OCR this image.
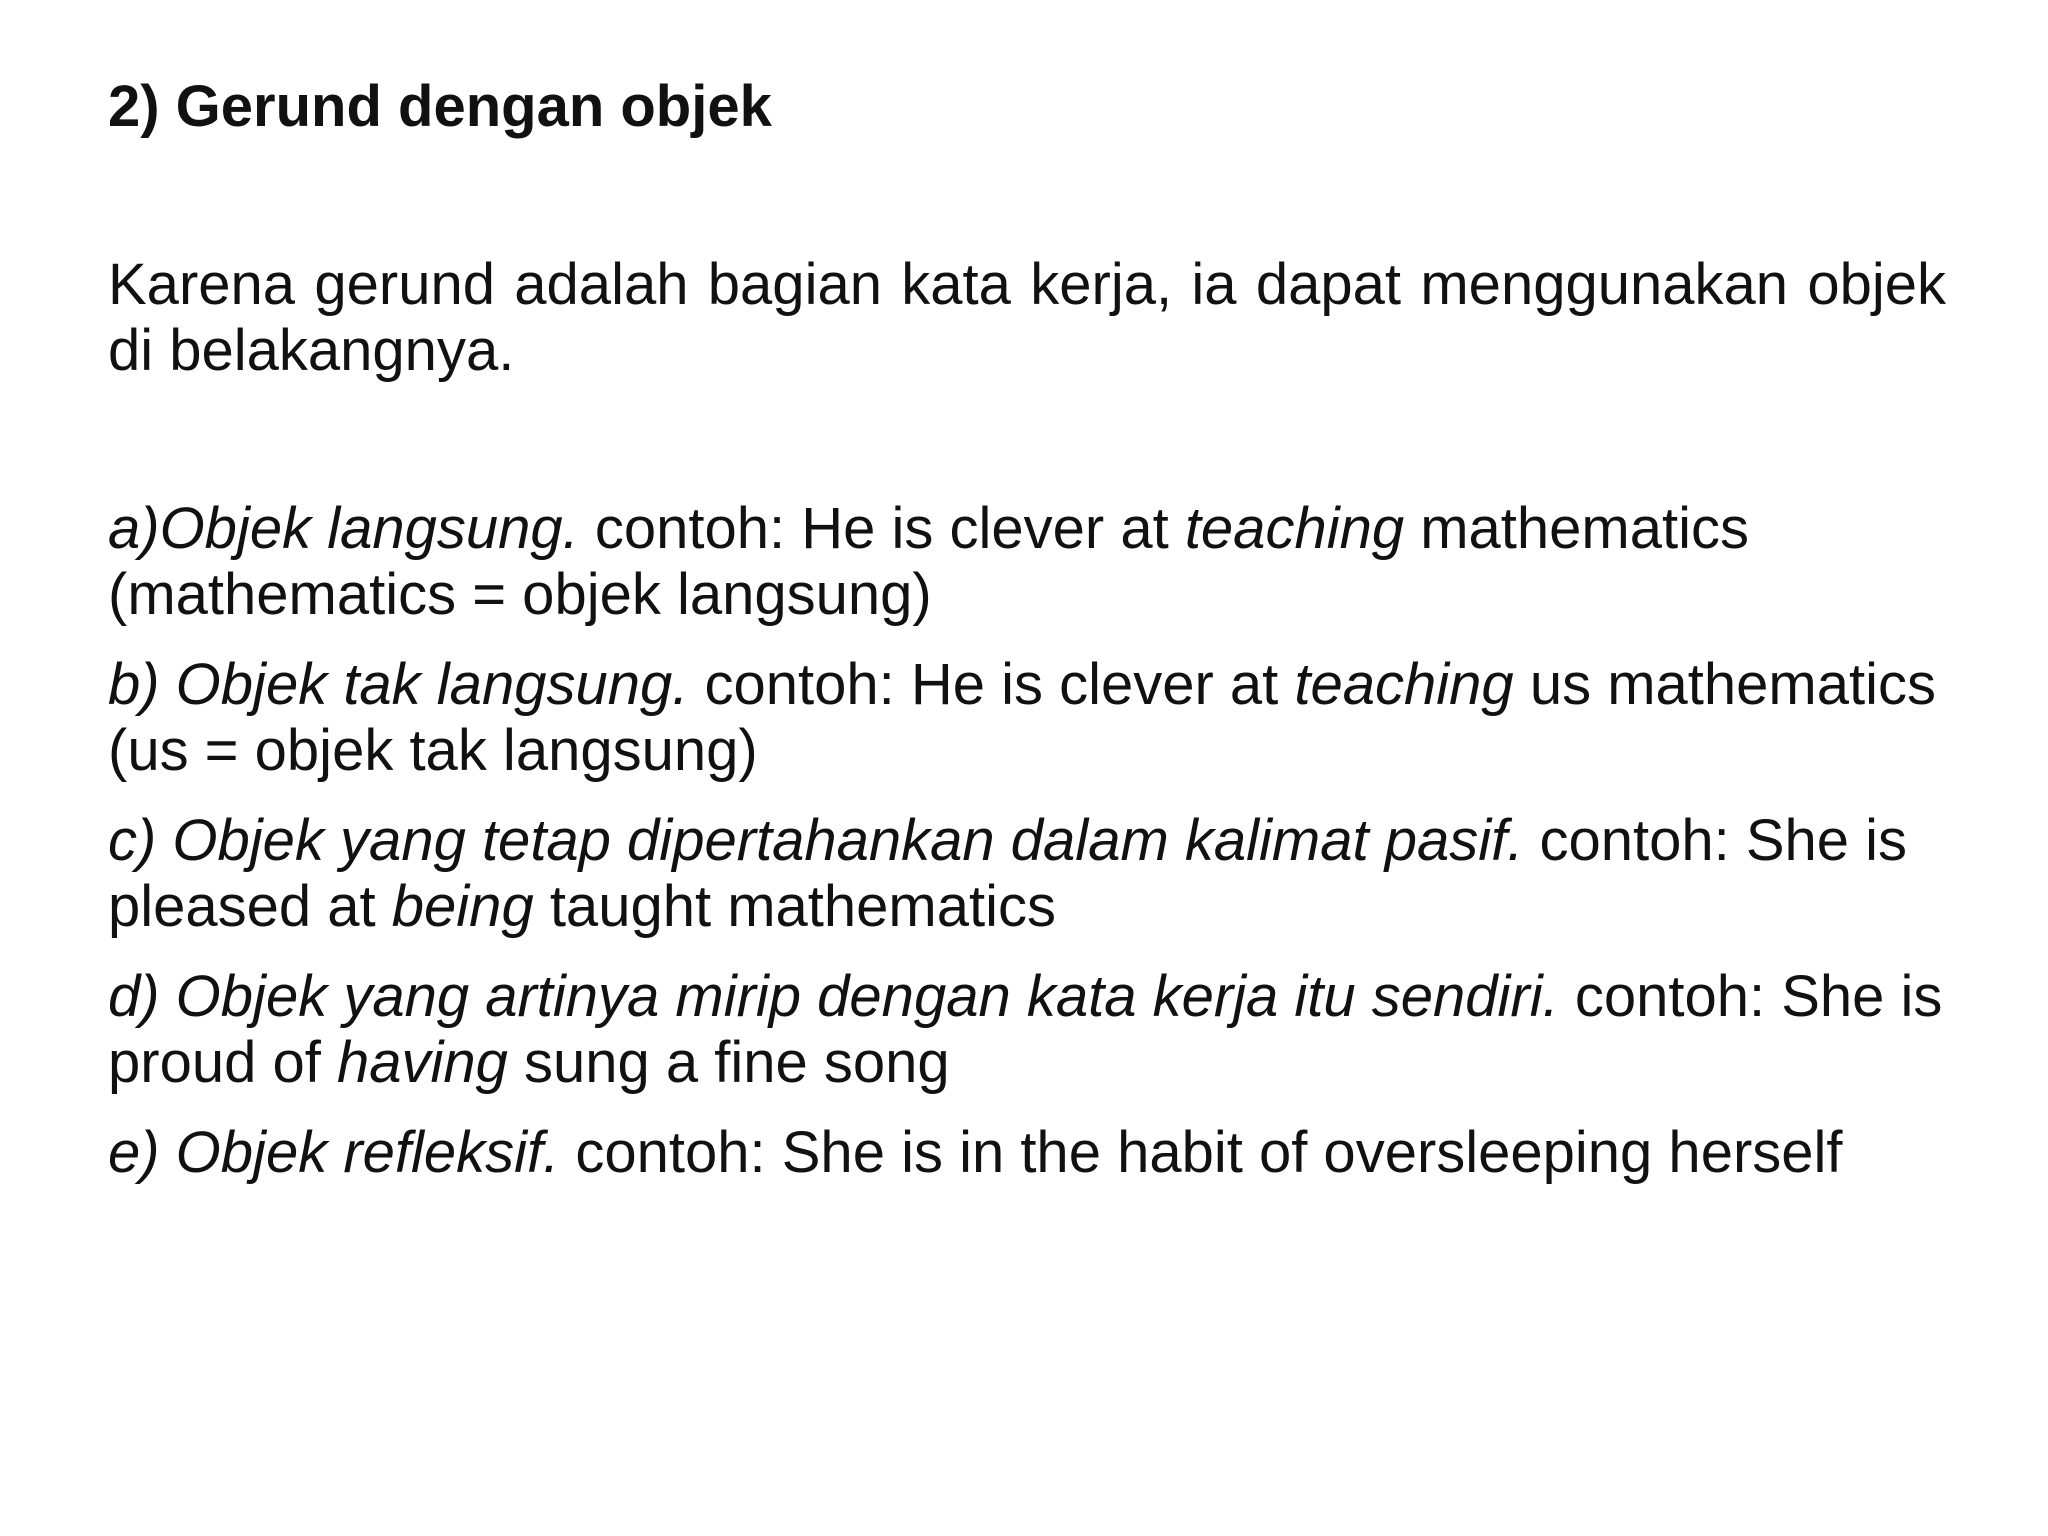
2) Gerund dengan objek

Karena gerund adalah bagian kata kerja, ia dapat menggunakan objek di belakangnya.

a)Objek langsung. contoh: He is clever at teaching mathematics (mathematics = objek langsung)

b) Objek tak langsung. contoh: He is clever at teaching us mathematics (us = objek tak langsung)

c) Objek yang tetap dipertahankan dalam kalimat pasif. contoh: She is pleased at being taught mathematics

d) Objek yang artinya mirip dengan kata kerja itu sendiri. contoh: She is proud of having sung a fine song

e) Objek refleksif. contoh: She is in the habit of oversleeping herself
